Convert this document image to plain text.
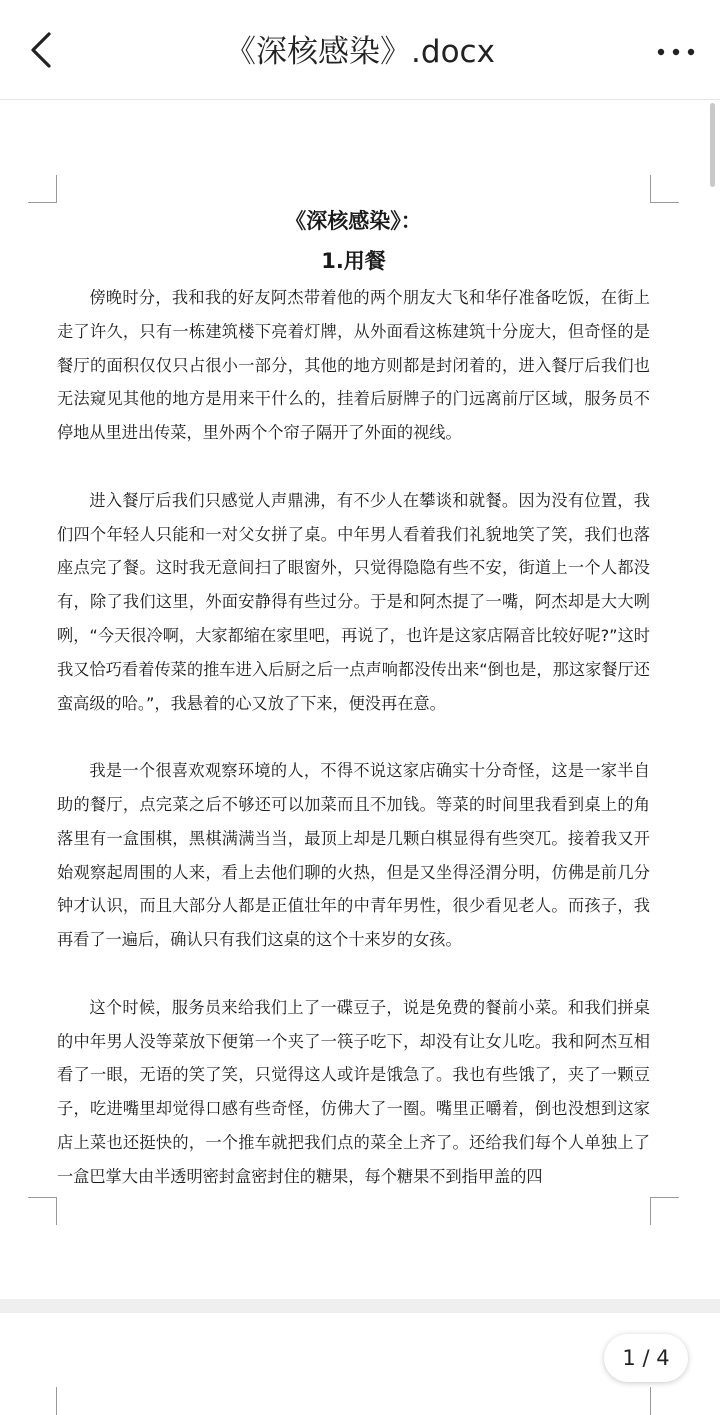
《深核感染》.docx
《深核感染》：
1.用餐

傍晚时分，我和我的好友阿杰带着他的两个朋友大飞和华仔准备吃饭，在街上走了许久，只有一栋建筑楼下亮着灯牌，从外面看这栋建筑十分庞大，但奇怪的是餐厅的面积仅仅只占很小一部分，其他的地方则都是封闭着的，进入餐厅后我们也无法窥见其他的地方是用来干什么的，挂着后厨牌子的门远离前厅区域，服务员不停地从里进出传菜，里外两个个帘子隔开了外面的视线。

进入餐厅后我们只感觉人声鼎沸，有不少人在攀谈和就餐。因为没有位置，我们四个年轻人只能和一对父女拼了桌。中年男人看着我们礼貌地笑了笑，我们也落座点完了餐。这时我无意间扫了眼窗外，只觉得隐隐有些不安，街道上一个人都没有，除了我们这里，外面安静得有些过分。于是和阿杰提了一嘴，阿杰却是大大咧咧，“今天很冷啊，大家都缩在家里吧，再说了，也许是这家店隔音比较好呢?”这时我又恰巧看着传菜的推车进入后厨之后一点声响都没传出来“倒也是，那这家餐厅还蛮高级的哈。”，我悬着的心又放了下来，便没再在意。

我是一个很喜欢观察环境的人，不得不说这家店确实十分奇怪，这是一家半自助的餐厅，点完菜之后不够还可以加菜而且不加钱。等菜的时间里我看到桌上的角落里有一盒围棋，黑棋满满当当，最顶上却是几颗白棋显得有些突兀。接着我又开始观察起周围的人来，看上去他们聊的火热，但是又坐得泾渭分明，仿佛是前几分钟才认识，而且大部分人都是正值壮年的中青年男性，很少看见老人。而孩子，我再看了一遍后，确认只有我们这桌的这个十来岁的女孩。

这个时候，服务员来给我们上了一碟豆子，说是免费的餐前小菜。和我们拼桌的中年男人没等菜放下便第一个夹了一筷子吃下，却没有让女儿吃。我和阿杰互相看了一眼，无语的笑了笑，只觉得这人或许是饿急了。我也有些饿了，夹了一颗豆子，吃进嘴里却觉得口感有些奇怪，仿佛大了一圈。嘴里正嚼着，倒也没想到这家店上菜也还挺快的，一个推车就把我们点的菜全上齐了。还给我们每个人单独上了一盒巴掌大由半透明密封盒密封住的糖果，每个糖果不到指甲盖的四

1 / 4
